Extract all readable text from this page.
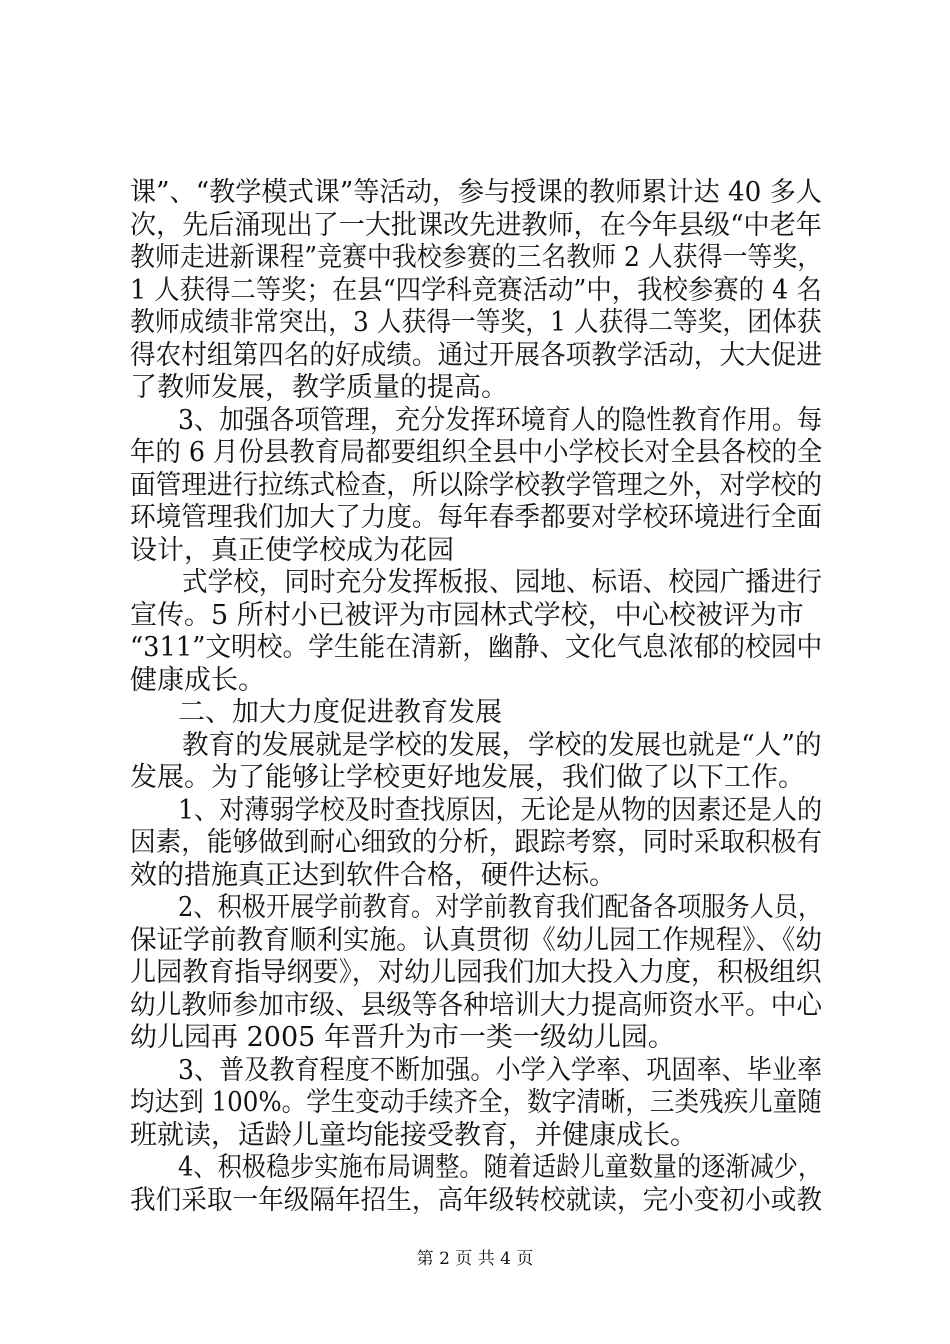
课”、“教学模式课”等活动，参与授课的教师累计达 40 多人
次，先后涌现出了一大批课改先进教师，在今年县级“中老年
教师走进新课程”竞赛中我校参赛的三名教师 2 人获得一等奖，
1 人获得二等奖；在县“四学科竞赛活动”中，我校参赛的 4 名
教师成绩非常突出，3 人获得一等奖，1 人获得二等奖，团体获
得农村组第四名的好成绩。通过开展各项教学活动，大大促进
了教师发展，教学质量的提高。
3、加强各项管理，充分发挥环境育人的隐性教育作用。每
年的 6 月份县教育局都要组织全县中小学校长对全县各校的全
面管理进行拉练式检查，所以除学校教学管理之外，对学校的
环境管理我们加大了力度。每年春季都要对学校环境进行全面
设计，真正使学校成为花园
式学校，同时充分发挥板报、园地、标语、校园广播进行
宣传。5 所村小已被评为市园林式学校，中心校被评为市
“311”文明校。学生能在清新，幽静、文化气息浓郁的校园中
健康成长。
二、加大力度促进教育发展
教育的发展就是学校的发展，学校的发展也就是“人”的
发展。为了能够让学校更好地发展，我们做了以下工作。
1、对薄弱学校及时查找原因，无论是从物的因素还是人的
因素，能够做到耐心细致的分析，跟踪考察，同时采取积极有
效的措施真正达到软件合格，硬件达标。
2、积极开展学前教育。对学前教育我们配备各项服务人员，
保证学前教育顺利实施。认真贯彻《幼儿园工作规程》、《幼
儿园教育指导纲要》，对幼儿园我们加大投入力度，积极组织
幼儿教师参加市级、县级等各种培训大力提高师资水平。中心
幼儿园再 2005 年晋升为市一类一级幼儿园。
3、普及教育程度不断加强。小学入学率、巩固率、毕业率
均达到 100%。学生变动手续齐全，数字清晰，三类残疾儿童随
班就读，适龄儿童均能接受教育，并健康成长。
4、积极稳步实施布局调整。随着适龄儿童数量的逐渐减少，
我们采取一年级隔年招生，高年级转校就读，完小变初小或教
第 2 页 共 4 页
